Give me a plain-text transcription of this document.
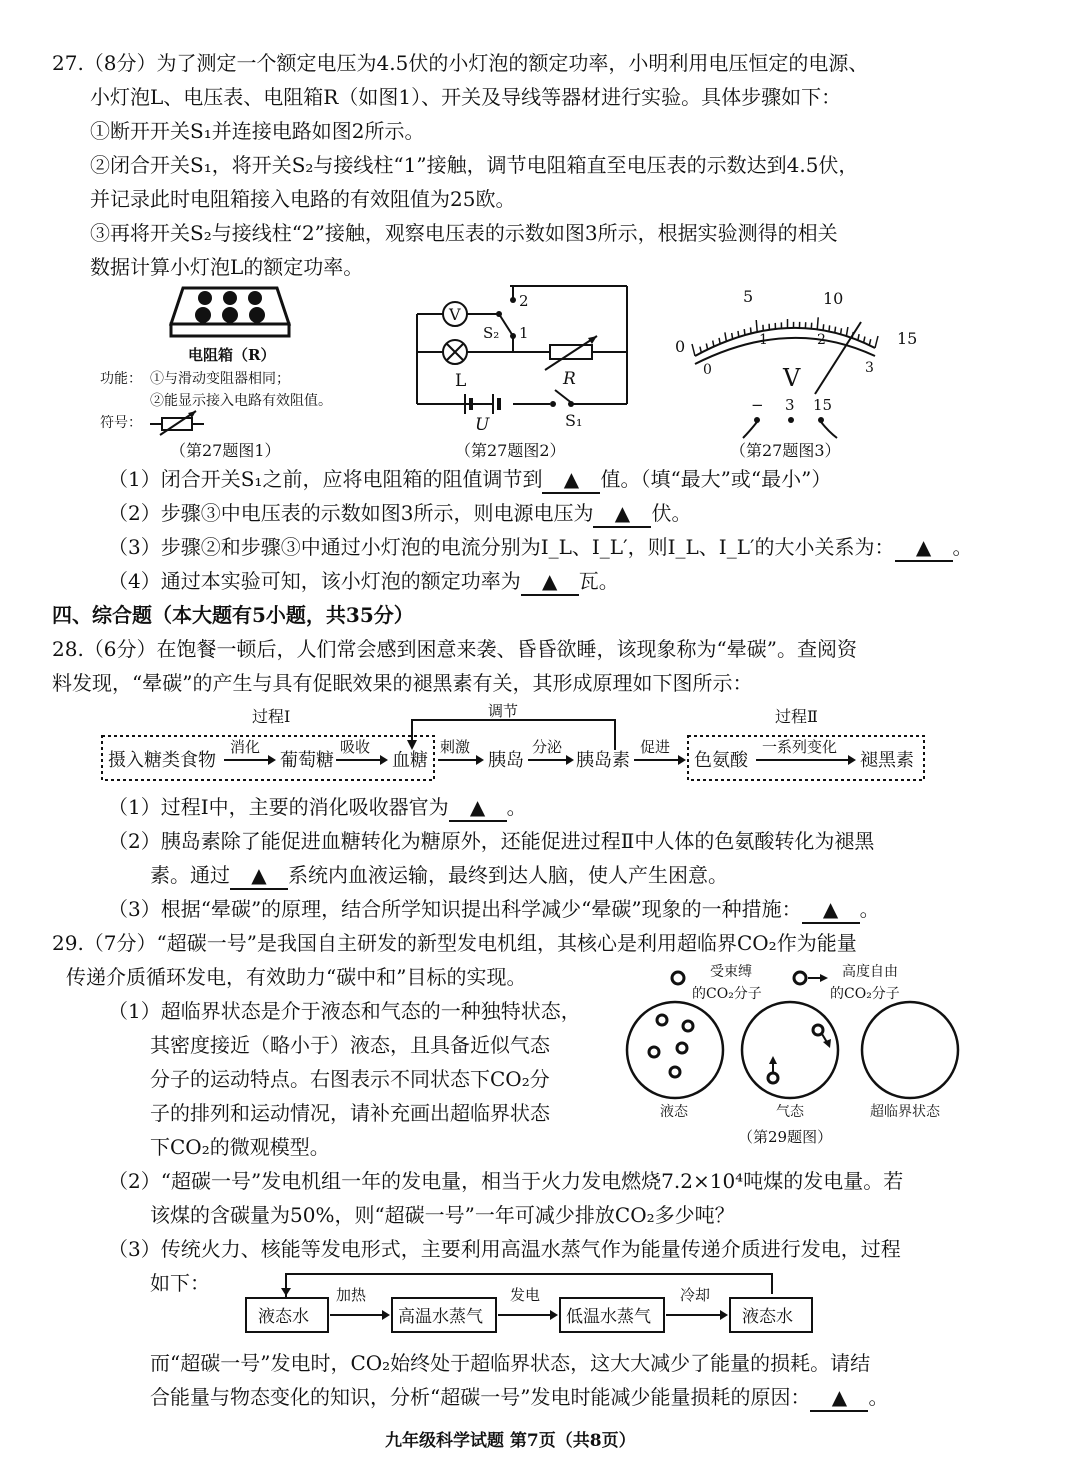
27.（8分）为了测定一个额定电压为4.5伏的小灯泡的额定功率，小明利用电压恒定的电源、
小灯泡L、电压表、电阻箱R（如图1）、开关及导线等器材进行实验。具体步骤如下：
①断开开关S₁并连接电路如图2所示。
②闭合开关S₁，将开关S₂与接线柱“1”接触，调节电阻箱直至电压表的示数达到4.5伏，
并记录此时电阻箱接入电路的有效阻值为25欧。
③再将开关S₂与接线柱“2”接触，观察电压表的示数如图3所示，根据实验测得的相关
数据计算小灯泡L的额定功率。
电阻箱（R）
功能： ①与滑动变阻器相同；
②能显示接入电路有效阻值。
符号：
（第27题图1）
V
L	R
U	S₁
S₂
2
1
（第27题图2）
0
5	10
15
0
1	2
3
V
− 3 15
（第27题图3）
（1）闭合开关S₁之前，应将电阻箱的阻值调节到 ▲ 值。（填“最大”或“最小”）
（2）步骤③中电压表的示数如图3所示，则电源电压为 ▲ 伏。
（3）步骤②和步骤③中通过小灯泡的电流分别为I_L、I_L′，则I_L、I_L′的大小关系为： ▲ 。
（4）通过本实验可知，该小灯泡的额定功率为 ▲ 瓦。
四、综合题（本大题有5小题，共35分）
28.（6分）在饱餐一顿后，人们常会感到困意来袭、昏昏欲睡，该现象称为“晕碳”。查阅资
料发现，“晕碳”的产生与具有促眠效果的褪黑素有关，其形成原理如下图所示：
过程Ⅰ	过程Ⅱ
调节
摄入糖类食物
消化
葡萄糖
吸收
血糖
刺激
胰岛
分泌
胰岛素
促进
色氨酸
一系列变化
褪黑素
（1）过程Ⅰ中，主要的消化吸收器官为 ▲ 。
（2）胰岛素除了能促进血糖转化为糖原外，还能促进过程Ⅱ中人体的色氨酸转化为褪黑
素。通过 ▲ 系统内血液运输，最终到达人脑，使人产生困意。
（3）根据“晕碳”的原理，结合所学知识提出科学减少“晕碳”现象的一种措施： ▲ 。
29.（7分）“超碳一号”是我国自主研发的新型发电机组，其核心是利用超临界CO₂作为能量
传递介质循环发电，有效助力“碳中和”目标的实现。
（1）超临界状态是介于液态和气态的一种独特状态，
其密度接近（略小于）液态，且具备近似气态
分子的运动特点。右图表示不同状态下CO₂分
子的排列和运动情况，请补充画出超临界状态
下CO₂的微观模型。
受束缚
的CO₂分子
高度自由
的CO₂分子
液态	气态	超临界状态
（第29题图）
（2）“超碳一号”发电机组一年的发电量，相当于火力发电燃烧7.2×10⁴吨煤的发电量。若
该煤的含碳量为50%，则“超碳一号”一年可减少排放CO₂多少吨？
（3）传统火力、核能等发电形式，主要利用高温水蒸气作为能量传递介质进行发电，过程
如下：
液态水
加热
高温水蒸气
发电
低温水蒸气
冷却
液态水
而“超碳一号”发电时，CO₂始终处于超临界状态，这大大减少了能量的损耗。请结
合能量与物态变化的知识，分析“超碳一号”发电时能减少能量损耗的原因： ▲ 。
九年级科学试题 第7页（共8页）
